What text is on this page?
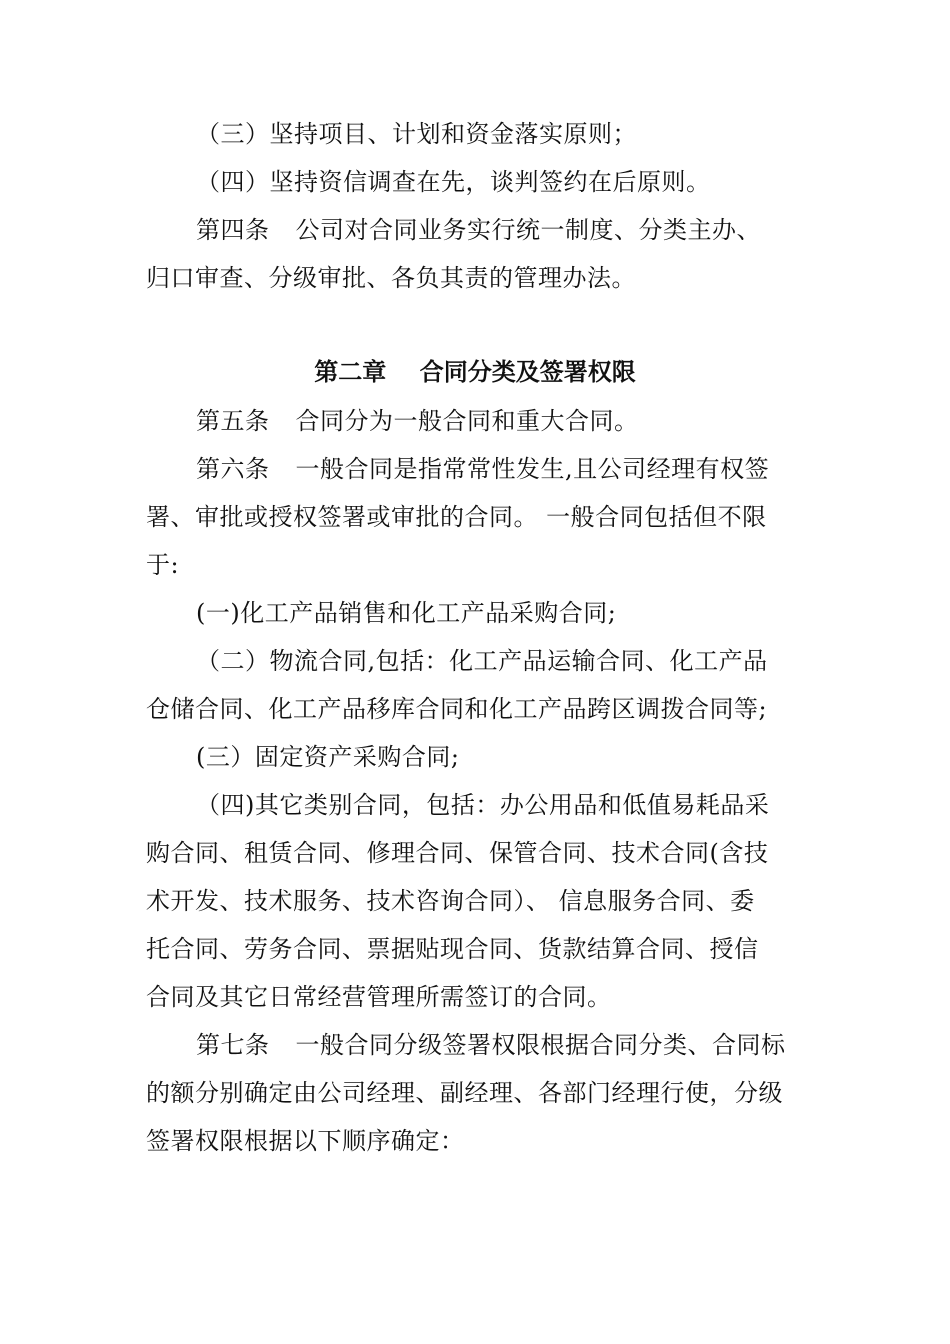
（三）坚持项目、计划和资金落实原则；
（四）坚持资信调查在先，谈判签约在后原则。
第四条 公司对合同业务实行统一制度、分类主办、
归口审查、分级审批、各负其责的管理办法。
第二章    合同分类及签署权限
第五条 合同分为一般合同和重大合同。
第六条 一般合同是指常常性发生,且公司经理有权签
署、审批或授权签署或审批的合同。 一般合同包括但不限
于:
(一)化工产品销售和化工产品采购合同;
（二）物流合同,包括：化工产品运输合同、化工产品
仓储合同、化工产品移库合同和化工产品跨区调拨合同等;
(三）固定资产采购合同;
（四)其它类别合同，包括：办公用品和低值易耗品采
购合同、租赁合同、修理合同、保管合同、技术合同(含技
术开发、技术服务、技术咨询合同）、 信息服务合同、委
托合同、劳务合同、票据贴现合同、货款结算合同、授信
合同及其它日常经营管理所需签订的合同。
第七条 一般合同分级签署权限根据合同分类、合同标
的额分别确定由公司经理、副经理、各部门经理行使，分级
签署权限根据以下顺序确定：
